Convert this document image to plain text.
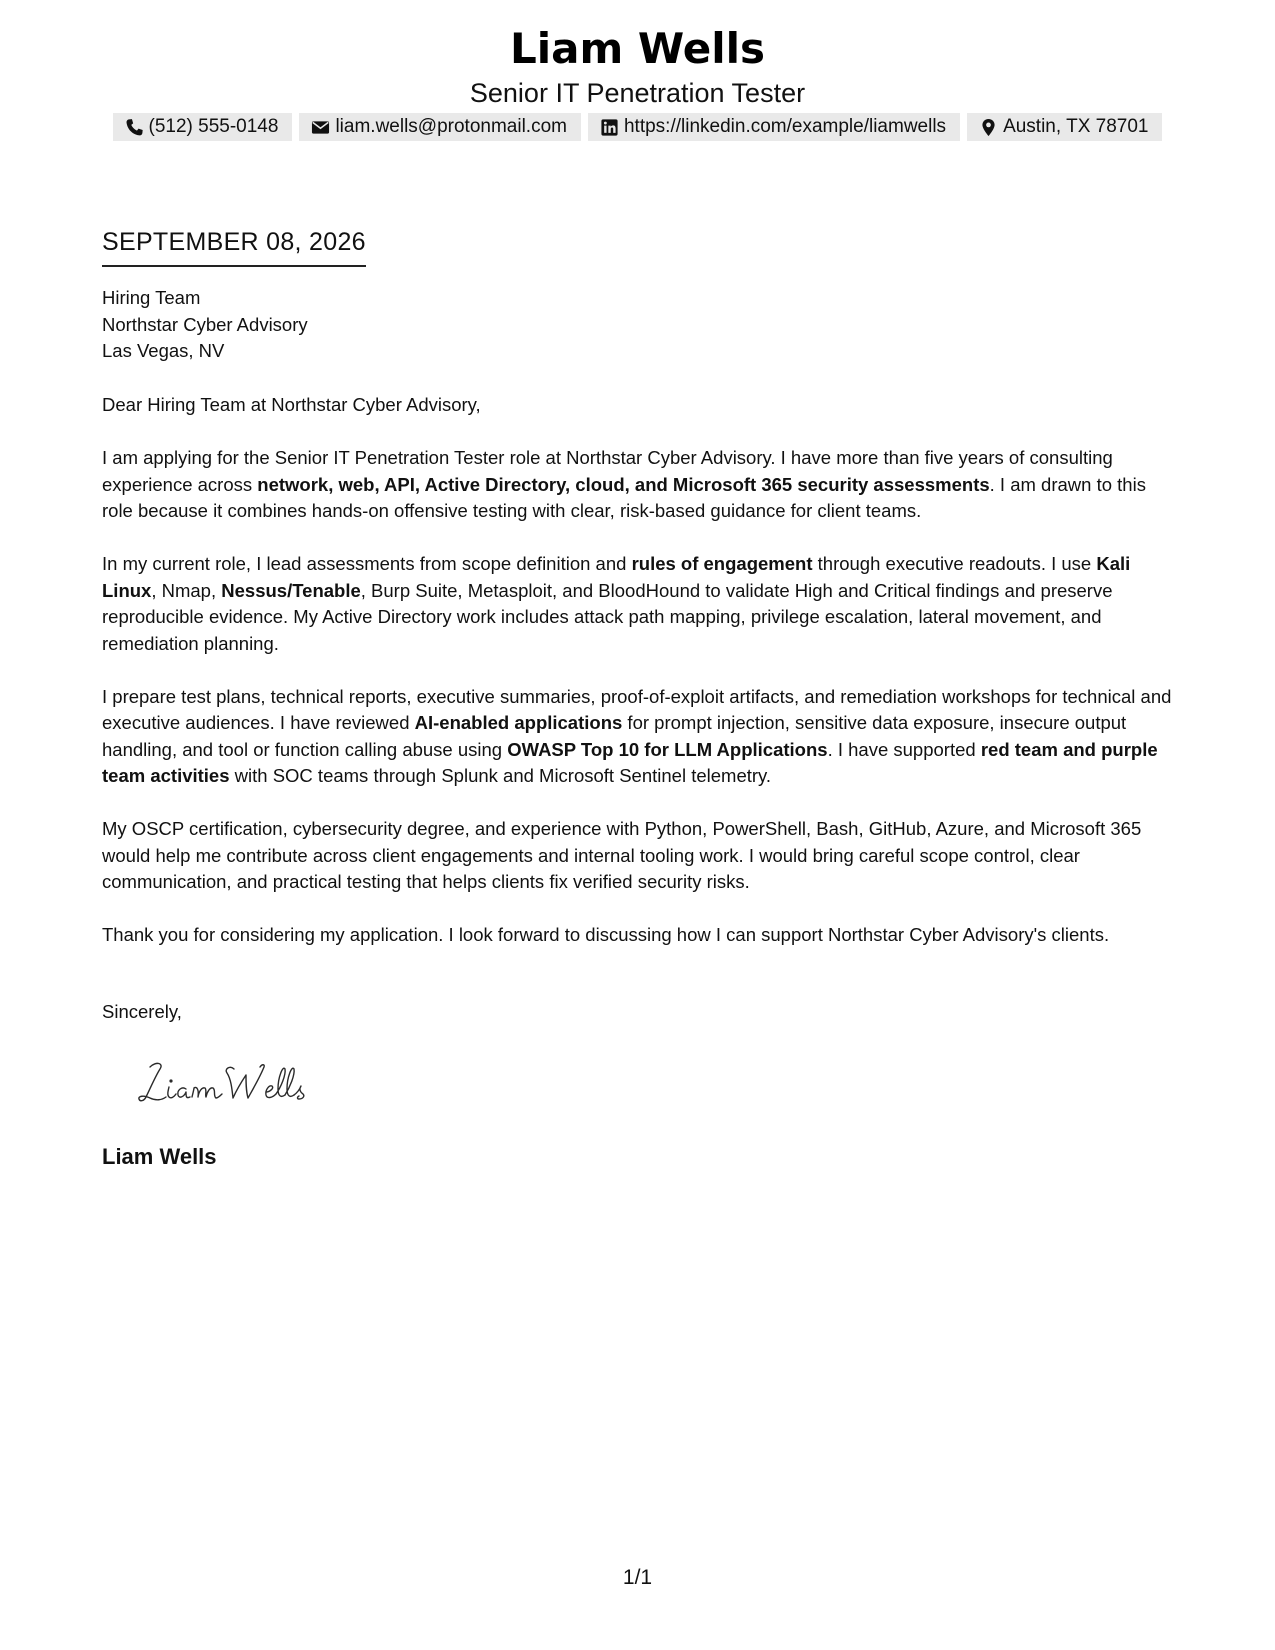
Liam Wells
Senior IT Penetration Tester
(512) 555-0148	liam.wells@protonmail.com	https://linkedin.com/example/liamwells	Austin, TX 78701
SEPTEMBER 08, 2026
Hiring Team
Northstar Cyber Advisory
Las Vegas, NV

Dear Hiring Team at Northstar Cyber Advisory,

I am applying for the Senior IT Penetration Tester role at Northstar Cyber Advisory. I have more than five years of consulting experience across network, web, API, Active Directory, cloud, and Microsoft 365 security assessments. I am drawn to this role because it combines hands-on offensive testing with clear, risk-based guidance for client teams.

In my current role, I lead assessments from scope definition and rules of engagement through executive readouts. I use Kali Linux, Nmap, Nessus/Tenable, Burp Suite, Metasploit, and BloodHound to validate High and Critical findings and preserve reproducible evidence. My Active Directory work includes attack path mapping, privilege escalation, lateral movement, and remediation planning.

I prepare test plans, technical reports, executive summaries, proof-of-exploit artifacts, and remediation workshops for technical and executive audiences. I have reviewed AI-enabled applications for prompt injection, sensitive data exposure, insecure output handling, and tool or function calling abuse using OWASP Top 10 for LLM Applications. I have supported red team and purple team activities with SOC teams through Splunk and Microsoft Sentinel telemetry.

My OSCP certification, cybersecurity degree, and experience with Python, PowerShell, Bash, GitHub, Azure, and Microsoft 365 would help me contribute across client engagements and internal tooling work. I would bring careful scope control, clear communication, and practical testing that helps clients fix verified security risks.

Thank you for considering my application. I look forward to discussing how I can support Northstar Cyber Advisory's clients.

Sincerely,
Liam Wells
1/1
